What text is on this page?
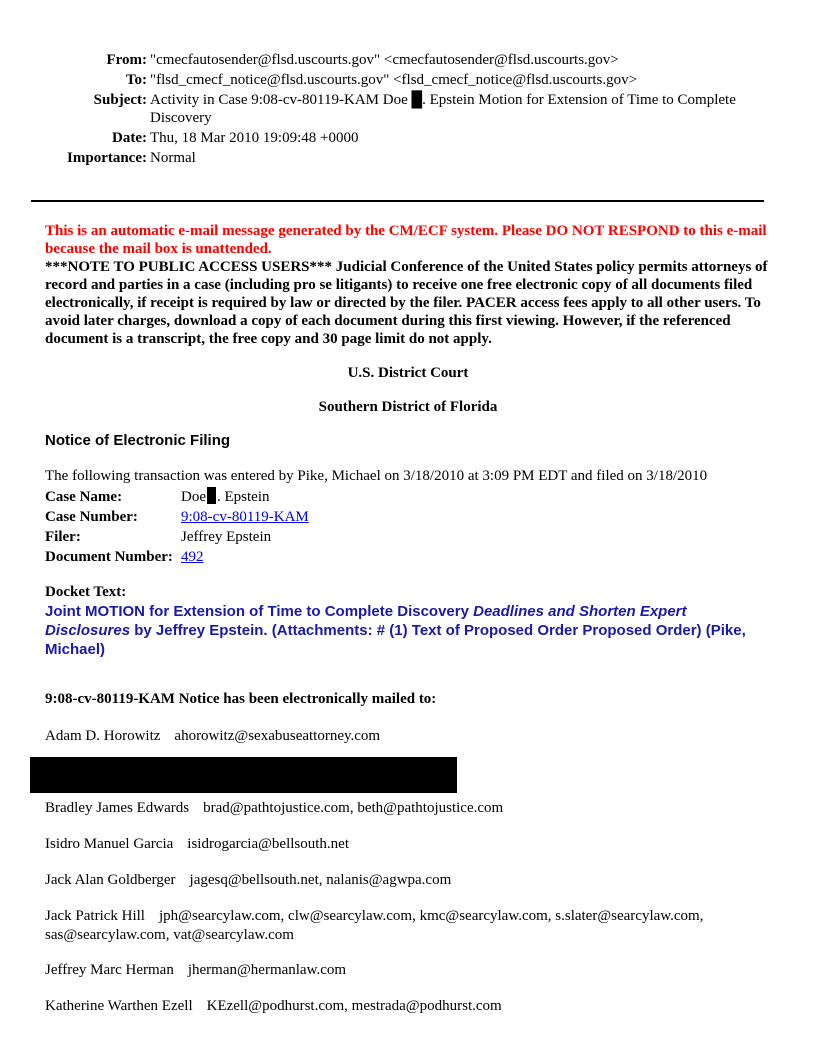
From:	"cmecfautosender@flsd.uscourts.gov" <cmecfautosender@flsd.uscourts.gov>
To:	"flsd_cmecf_notice@flsd.uscourts.gov" <flsd_cmecf_notice@flsd.uscourts.gov>
Subject:	Activity in Case 9:08-cv-80119-KAM Doe █. Epstein Motion for Extension of Time to Complete Discovery
Date:	Thu, 18 Mar 2010 19:09:48 +0000
Importance:	Normal
This is an automatic e-mail message generated by the CM/ECF system. Please DO NOT RESPOND to this e-mail because the mail box is unattended.
***NOTE TO PUBLIC ACCESS USERS*** Judicial Conference of the United States policy permits attorneys of record and parties in a case (including pro se litigants) to receive one free electronic copy of all documents filed electronically, if receipt is required by law or directed by the filer. PACER access fees apply to all other users. To avoid later charges, download a copy of each document during this first viewing. However, if the referenced document is a transcript, the free copy and 30 page limit do not apply.
U.S. District Court
Southern District of Florida
Notice of Electronic Filing
The following transaction was entered by Pike, Michael on 3/18/2010 at 3:09 PM EDT and filed on 3/18/2010
Case Name:	Doe . Epstein
Case Number:	9:08-cv-80119-KAM
Filer:	Jeffrey Epstein
Document Number:	492
Docket Text:
Joint MOTION for Extension of Time to Complete Discovery Deadlines and Shorten Expert Disclosures by Jeffrey Epstein. (Attachments: # (1) Text of Proposed Order Proposed Order) (Pike, Michael)
9:08-cv-80119-KAM Notice has been electronically mailed to:
Adam D. Horowitz ahorowitz@sexabuseattorney.com
Bradley James Edwards brad@pathtojustice.com, beth@pathtojustice.com
Isidro Manuel Garcia isidrogarcia@bellsouth.net
Jack Alan Goldberger jagesq@bellsouth.net, nalanis@agwpa.com
Jack Patrick Hill jph@searcylaw.com, clw@searcylaw.com, kmc@searcylaw.com, s.slater@searcylaw.com, sas@searcylaw.com, vat@searcylaw.com
Jeffrey Marc Herman jherman@hermanlaw.com
Katherine Warthen Ezell KEzell@podhurst.com, mestrada@podhurst.com
